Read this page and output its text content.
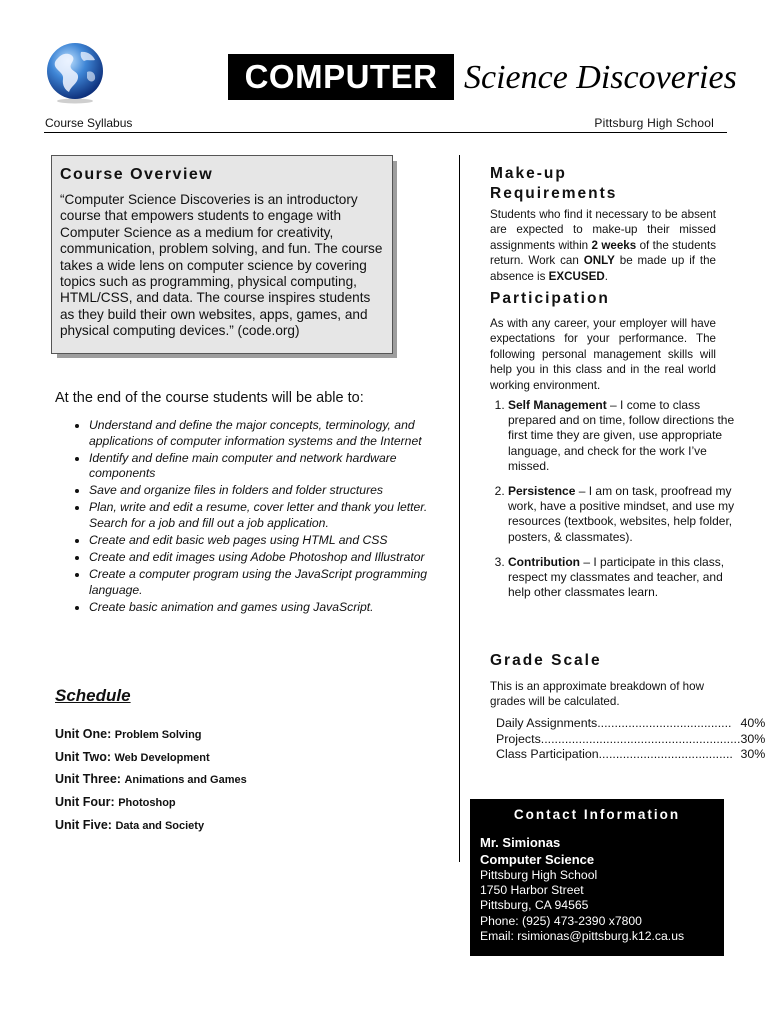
COMPUTER Science Discoveries
Course Syllabus	Pittsburg High School
Course Overview

“Computer Science Discoveries is an introductory course that empowers students to engage with Computer Science as a medium for creativity, communication, problem solving, and fun. The course takes a wide lens on computer science by covering topics such as programming, physical computing, HTML/CSS, and data. The course inspires students as they build their own websites, apps, games, and physical computing devices.” (code.org)

At the end of the course students will be able to:
• Understand and define the major concepts, terminology, and applications of computer information systems and the Internet
• Identify and define main computer and network hardware components
• Save and organize files in folders and folder structures
• Plan, write and edit a resume, cover letter and thank you letter. Search for a job and fill out a job application.
• Create and edit basic web pages using HTML and CSS
• Create and edit images using Adobe Photoshop and Illustrator
• Create a computer program using the JavaScript programming language.
• Create basic animation and games using JavaScript.
Schedule
Unit One: Problem Solving
Unit Two: Web Development
Unit Three: Animations and Games
Unit Four: Photoshop
Unit Five: Data and Society
Make-up Requirements

Students who find it necessary to be absent are expected to make-up their missed assignments within 2 weeks of the students return. Work can ONLY be made up if the absence is EXCUSED.

Participation

As with any career, your employer will have expectations for your performance. The following personal management skills will help you in this class and in the real world working environment.

1. Self Management – I come to class prepared and on time, follow directions the first time they are given, use appropriate language, and check for the work I’ve missed.
2. Persistence – I am on task, proofread my work, have a positive mindset, and use my resources (textbook, websites, help folder, posters, & classmates).
3. Contribution – I participate in this class, respect my classmates and teacher, and help other classmates learn.
Grade Scale

This is an approximate breakdown of how grades will be calculated.

Daily Assignments.......................................	40%
Projects..........................................................	30%
Class Participation.......................................	30%
Contact Information
Mr. Simionas
Computer Science
Pittsburg High School
1750 Harbor Street
Pittsburg, CA 94565
Phone: (925) 473-2390 x7800
Email: rsimionas@pittsburg.k12.ca.us
